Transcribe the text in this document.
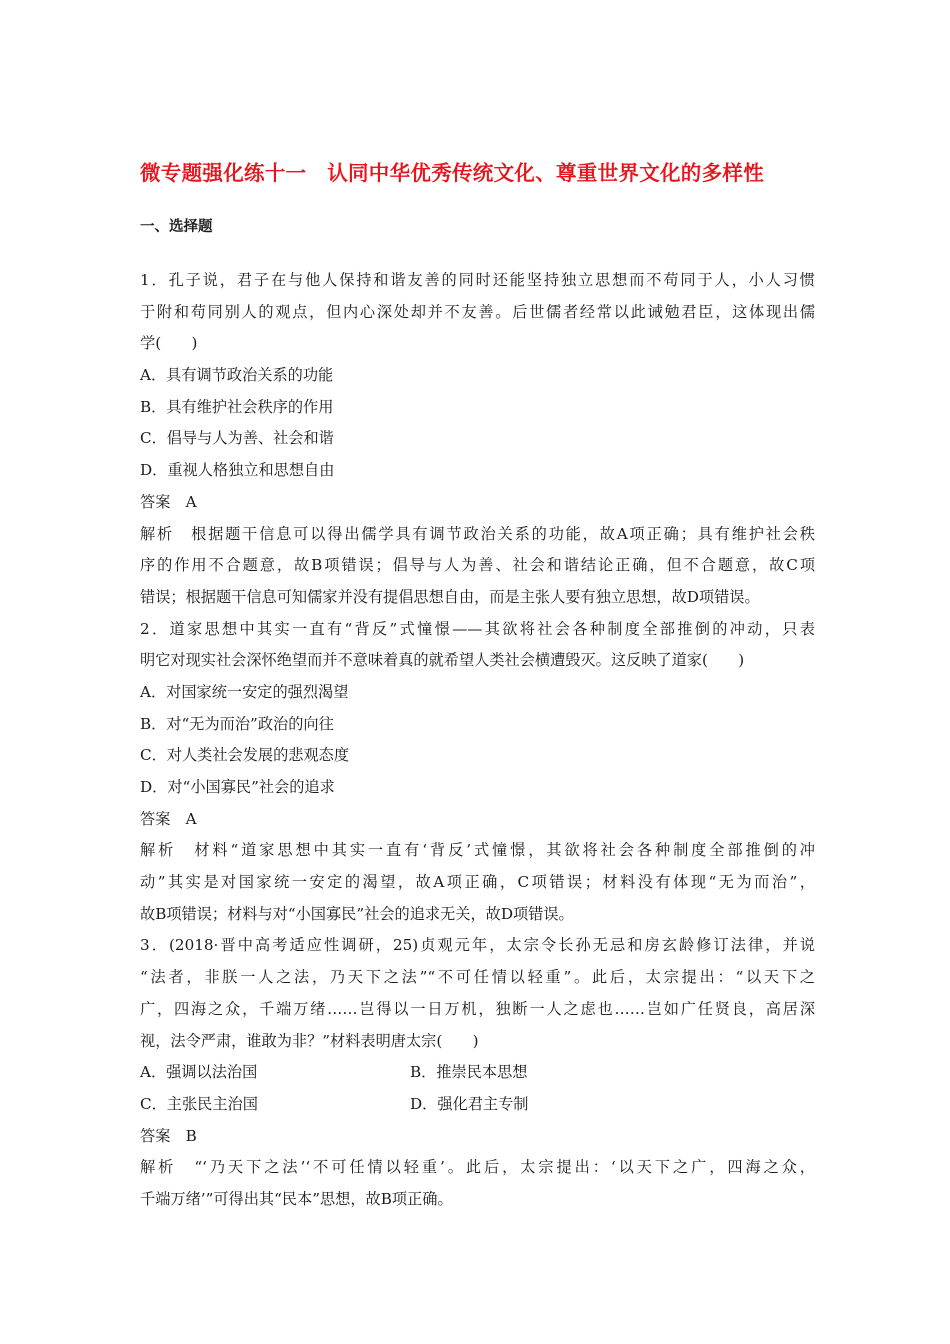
微专题强化练十一　认同中华优秀传统文化、尊重世界文化的多样性
一、选择题
1．孔子说，君子在与他人保持和谐友善的同时还能坚持独立思想而不苟同于人，小人习惯
于附和苟同别人的观点，但内心深处却并不友善。后世儒者经常以此诫勉君臣，这体现出儒
学(　　)
A．具有调节政治关系的功能
B．具有维护社会秩序的作用
C．倡导与人为善、社会和谐
D．重视人格独立和思想自由
答案　A
解析　根据题干信息可以得出儒学具有调节政治关系的功能，故A项正确；具有维护社会秩
序的作用不合题意，故B项错误；倡导与人为善、社会和谐结论正确，但不合题意，故C项
错误；根据题干信息可知儒家并没有提倡思想自由，而是主张人要有独立思想，故D项错误。
2．道家思想中其实一直有“背反”式憧憬——其欲将社会各种制度全部推倒的冲动，只表
明它对现实社会深怀绝望而并不意味着真的就希望人类社会横遭毁灭。这反映了道家(　　)
A．对国家统一安定的强烈渴望
B．对“无为而治”政治的向往
C．对人类社会发展的悲观态度
D．对“小国寡民”社会的追求
答案　A
解析　材料“道家思想中其实一直有‘背反’式憧憬，其欲将社会各种制度全部推倒的冲
动”其实是对国家统一安定的渴望，故A项正确，C项错误；材料没有体现“无为而治”，
故B项错误；材料与对“小国寡民”社会的追求无关，故D项错误。
3．(2018·晋中高考适应性调研，25)贞观元年，太宗令长孙无忌和房玄龄修订法律，并说
“法者，非朕一人之法，乃天下之法”“不可任情以轻重”。此后，太宗提出：“以天下之
广，四海之众，千端万绪……岂得以一日万机，独断一人之虑也……岂如广任贤良，高居深
视，法令严肃，谁敢为非？”材料表明唐太宗(　　)
A．强调以法治国	B．推崇民本思想
C．主张民主治国	D．强化君主专制
答案　B
解析　“‘乃天下之法’‘不可任情以轻重’。此后，太宗提出：‘以天下之广，四海之众，
千端万绪’”可得出其“民本”思想，故B项正确。
